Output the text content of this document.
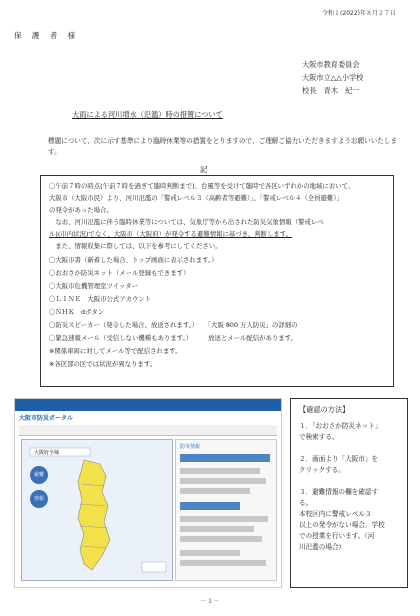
令和１(2022)年８月２７日
保 護 者 様
大阪市教育委員会
大阪市立△△小学校
校長　青木　紀一
大雨による河川増水（氾濫）時の措置について
標題について、次に示す基準により臨時休業等の措置をとりますので、ご理解ご協力いただきますようお願いいたします。
記
〇午前７時の時点(午前７時を過ぎて臨時判断まで)、台風等を受けて臨時で各区いずれかの地域において、
大阪市（大阪市民）より、河川氾濫の「警戒レベル３（高齢者等避難）」、「警戒レベル４（全員避難）」
の発令があった場合。
　なお、河川氾濫に伴う臨時休業等については、気象庁等から出された防災気象情報（警戒レベ
ル)(市内状況)でなく、大阪市（大阪府）が発令する避難情報に基づき、判断します。
　また、情報収集に際しては、以下を参考にしてください。
〇大阪市書（新着した場合、トップ画面に表示されます。）
〇おおさか防災ネット（メール登録もできます）
〇大阪市危機管理室ツイッター
〇ＬＩＮＥ　大阪市公式アカウント
〇ＮＨＫ　dボタン
〇防災スピーカー（発令した場合、放送されます。）　　「大阪 800 万人防災」の詳細の
〇緊急速報メール（受信しない機種もあります。）　　　放送とメール配信があります。
※関係車両に対してメール等で配信されます。
※各区部の区では状況が異なります。
大阪市防災ポータル
大阪府全域
避難
情報
防災情報
【確認の方法】
１．「おおさか防災ネット」
で検索する。
２．画面より「大阪市」を
クリックする。
３．避難情報の欄を確認す
る。
本校区内に警戒レベル３
以上の発令がない場合、学校
での授業を行います。（河
川氾濫の場合）
－ 1 －
